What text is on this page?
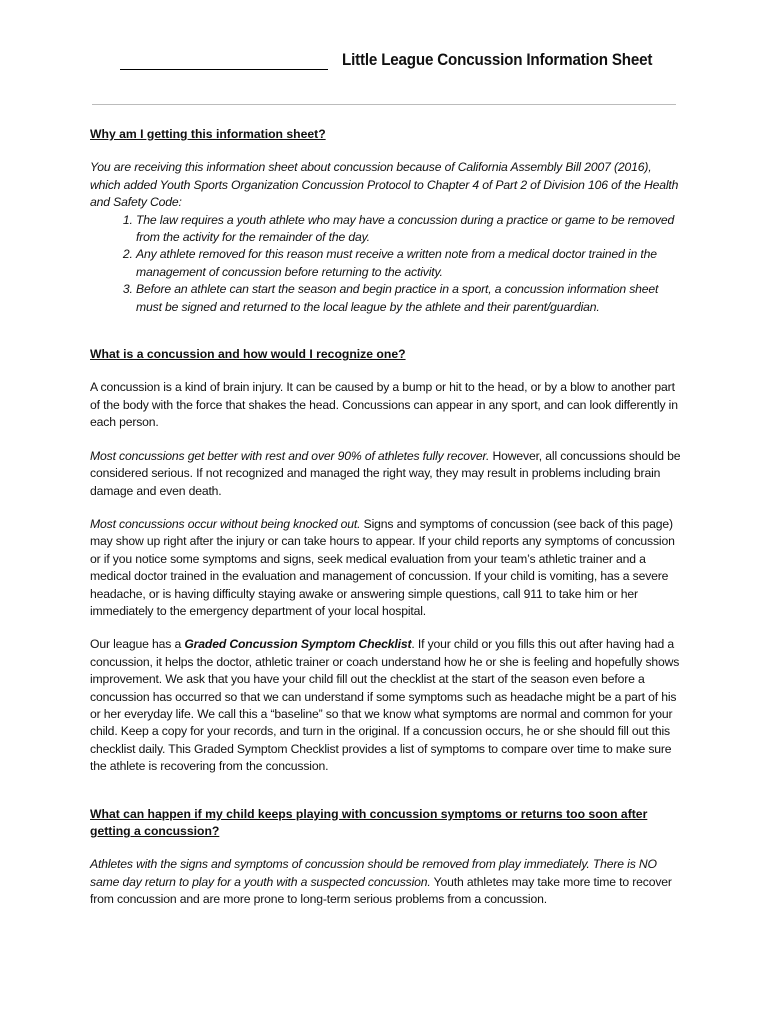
Little League Concussion Information Sheet

Why am I getting this information sheet?

You are receiving this information sheet about concussion because of California Assembly Bill 2007 (2016), which added Youth Sports Organization Concussion Protocol to Chapter 4 of Part 2 of Division 106 of the Health and Safety Code:

1. The law requires a youth athlete who may have a concussion during a practice or game to be removed from the activity for the remainder of the day.
2. Any athlete removed for this reason must receive a written note from a medical doctor trained in the management of concussion before returning to the activity.
3. Before an athlete can start the season and begin practice in a sport, a concussion information sheet must be signed and returned to the local league by the athlete and their parent/guardian.

What is a concussion and how would I recognize one?

A concussion is a kind of brain injury. It can be caused by a bump or hit to the head, or by a blow to another part of the body with the force that shakes the head. Concussions can appear in any sport, and can look differently in each person.

Most concussions get better with rest and over 90% of athletes fully recover. However, all concussions should be considered serious. If not recognized and managed the right way, they may result in problems including brain damage and even death.

Most concussions occur without being knocked out. Signs and symptoms of concussion (see back of this page) may show up right after the injury or can take hours to appear. If your child reports any symptoms of concussion or if you notice some symptoms and signs, seek medical evaluation from your team’s athletic trainer and a medical doctor trained in the evaluation and management of concussion. If your child is vomiting, has a severe headache, or is having difficulty staying awake or answering simple questions, call 911 to take him or her immediately to the emergency department of your local hospital.

Our league has a Graded Concussion Symptom Checklist. If your child or you fills this out after having had a concussion, it helps the doctor, athletic trainer or coach understand how he or she is feeling and hopefully shows improvement. We ask that you have your child fill out the checklist at the start of the season even before a concussion has occurred so that we can understand if some symptoms such as headache might be a part of his or her everyday life. We call this a “baseline” so that we know what symptoms are normal and common for your child. Keep a copy for your records, and turn in the original. If a concussion occurs, he or she should fill out this checklist daily. This Graded Symptom Checklist provides a list of symptoms to compare over time to make sure the athlete is recovering from the concussion.

What can happen if my child keeps playing with concussion symptoms or returns too soon after getting a concussion?

Athletes with the signs and symptoms of concussion should be removed from play immediately. There is NO same day return to play for a youth with a suspected concussion. Youth athletes may take more time to recover from concussion and are more prone to long-term serious problems from a concussion.
